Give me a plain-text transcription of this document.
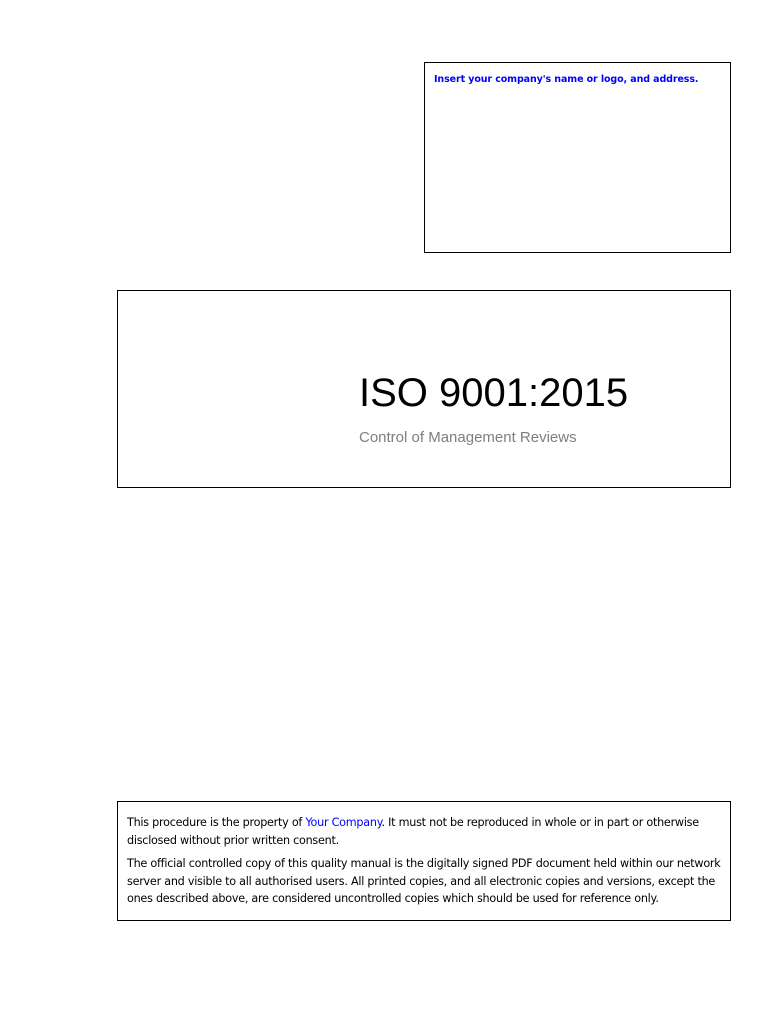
Insert your company's name or logo, and address.
ISO 9001:2015
Control of Management Reviews

This procedure is the property of Your Company. It must not be reproduced in whole or in part or otherwise disclosed without prior written consent.

The official controlled copy of this quality manual is the digitally signed PDF document held within our network server and visible to all authorised users. All printed copies, and all electronic copies and versions, except the ones described above, are considered uncontrolled copies which should be used for reference only.
